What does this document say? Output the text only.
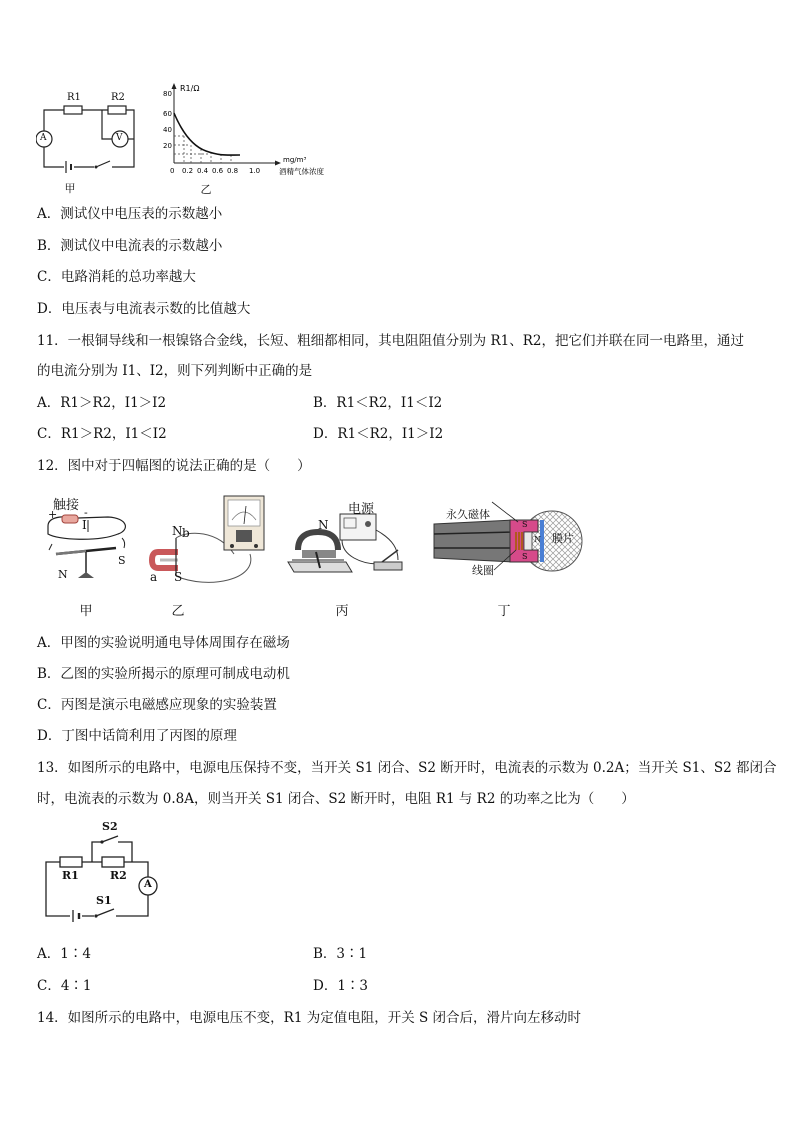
R1	R2
A	V
甲
80
60
40
20
0 0.2 0.4 0.6 0.8 1.0
R1/Ω
mg/m³
酒精气体浓度
乙
A．测试仪中电压表的示数越小
B．测试仪中电流表的示数越小
C．电路消耗的总功率越大
D．电压表与电流表示数的比值越大
11．一根铜导线和一根镍铬合金线，长短、粗细都相同，其电阻阻值分别为 R1、R2，把它们并联在同一电路里，通过
的电流分别为 I1、I2，则下列判断中正确的是
A．R1＞R2，I1＞I2	B．R1＜R2，I1＜I2
C．R1＞R2，I1＜I2	D．R1＜R2，I1＞I2
12．图中对于四幅图的说法正确的是（　　）
触接
+ -
I
N
S
甲
N b
a S
乙
电源
N
丙
永久磁体
膜片
线圈
S
N
S
丁
A．甲图的实验说明通电导体周围存在磁场
B．乙图的实验所揭示的原理可制成电动机
C．丙图是演示电磁感应现象的实验装置
D．丁图中话筒利用了丙图的原理
13．如图所示的电路中，电源电压保持不变，当开关 S1 闭合、S2 断开时，电流表的示数为 0.2A；当开关 S1、S2 都闭合
时，电流表的示数为 0.8A，则当开关 S1 闭合、S2 断开时，电阻 R1 与 R2 的功率之比为（　　）
S2
R1	R2
A
S1
A．1∶4	B．3∶1
C．4∶1	D．1∶3
14．如图所示的电路中，电源电压不变，R1 为定值电阻，开关 S 闭合后，滑片向左移动时
